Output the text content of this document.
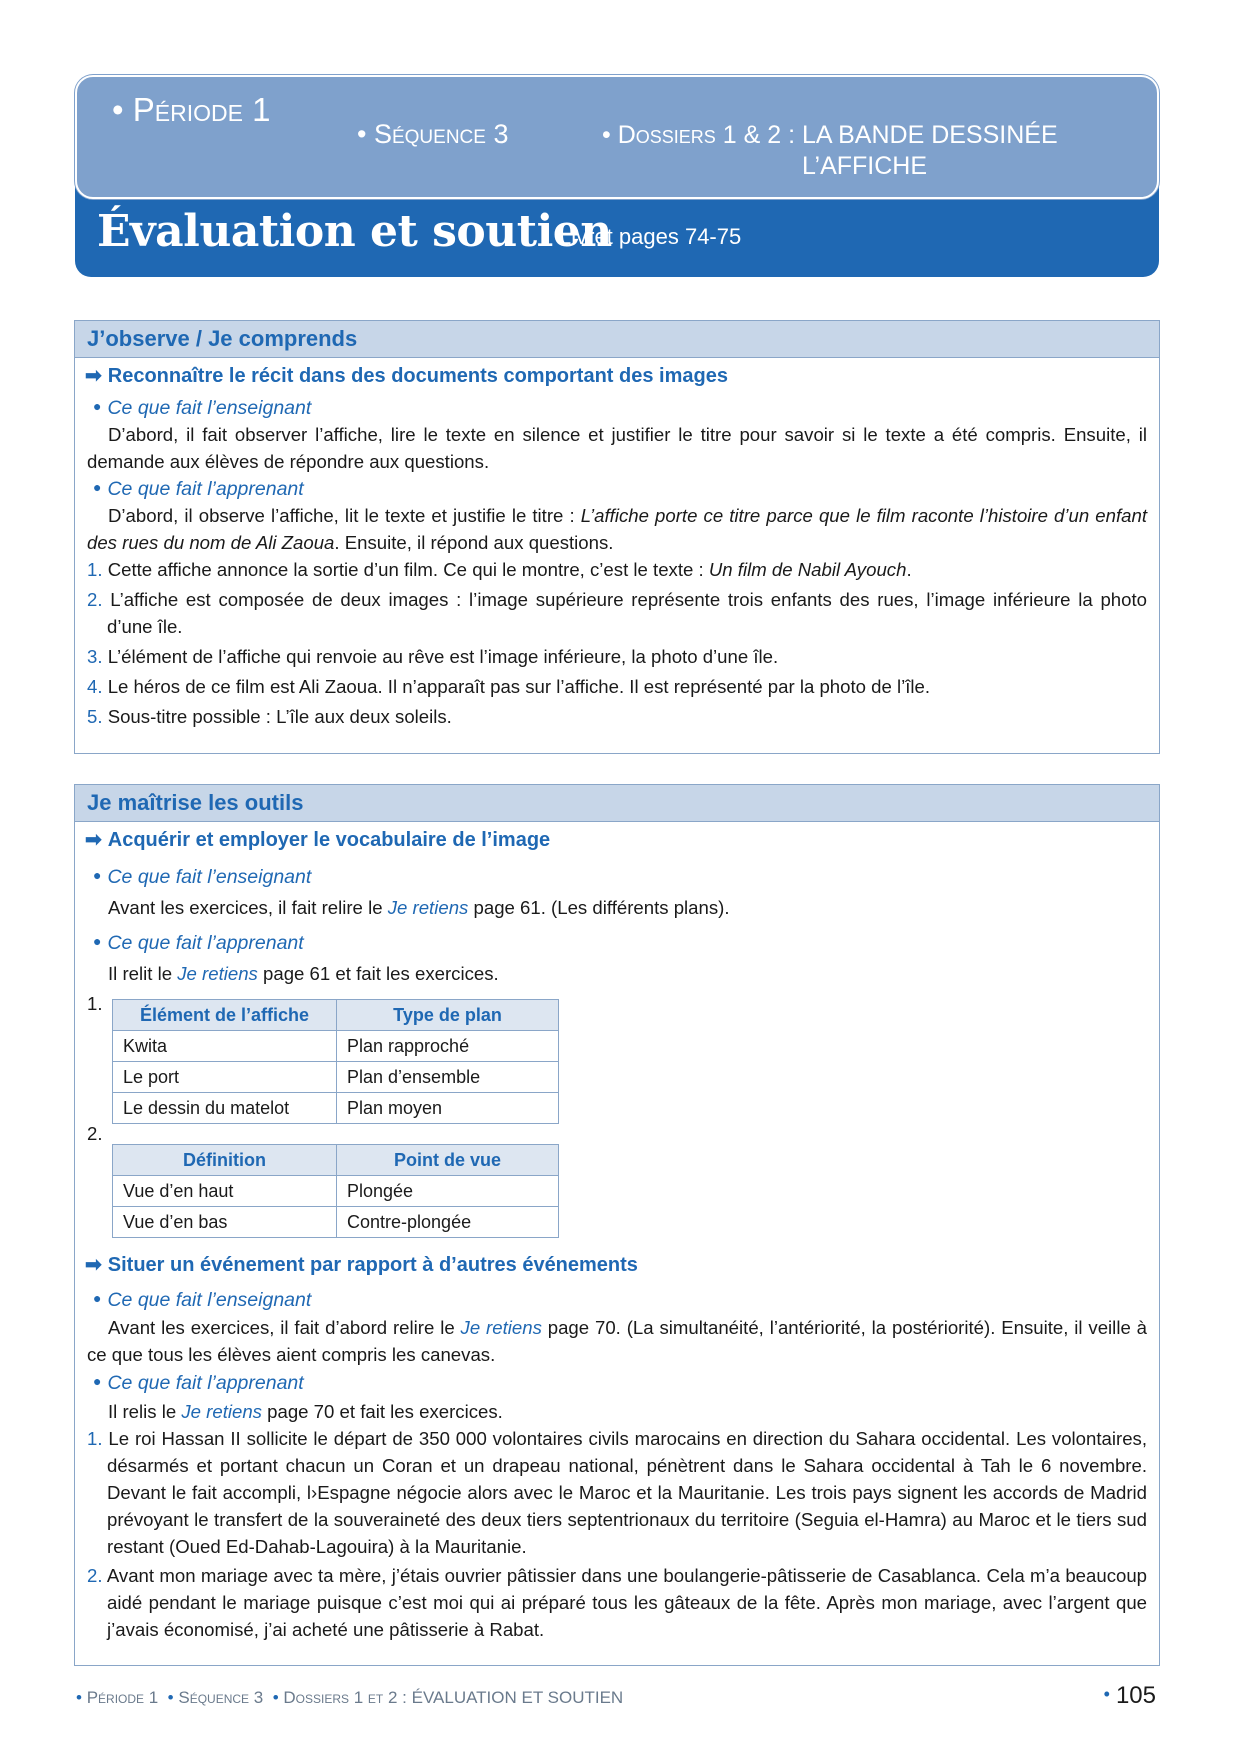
Évaluation et soutien
Livret pages 74-75
• Période 1
• Séquence 3	• Dossiers 1 & 2 : LA BANDE DESSINÉE
L’AFFICHE
J’observe / Je comprends
➡ Reconnaître le récit dans des documents comportant des images
● Ce que fait l’enseignant
D’abord, il fait observer l’affiche, lire le texte en silence et justifier le titre pour savoir si le texte a été compris. Ensuite, il demande aux élèves de répondre aux questions.
● Ce que fait l’apprenant
D’abord, il observe l’affiche, lit le texte et justifie le titre : L’affiche porte ce titre parce que le film raconte l’histoire d’un enfant des rues du nom de Ali Zaoua. Ensuite, il répond aux questions.
1. Cette affiche annonce la sortie d’un film. Ce qui le montre, c’est le texte : Un film de Nabil Ayouch.
2. L’affiche est composée de deux images : l’image supérieure représente trois enfants des rues, l’image inférieure la photo d’une île.
3. L’élément de l’affiche qui renvoie au rêve est l’image inférieure, la photo d’une île.
4. Le héros de ce film est Ali Zaoua. Il n’apparaît pas sur l’affiche. Il est représenté par la photo de l’île.
5. Sous-titre possible : L’île aux deux soleils.
Je maîtrise les outils
➡ Acquérir et employer le vocabulaire de l’image
● Ce que fait l’enseignant
Avant les exercices, il fait relire le Je retiens page 61. (Les différents plans).
● Ce que fait l’apprenant
Il relit le Je retiens page 61 et fait les exercices.
1.
Élément de l’affiche	Type de plan
Kwita	Plan rapproché
Le port	Plan d’ensemble
Le dessin du matelot	Plan moyen
2.
Définition	Point de vue
Vue d’en haut	Plongée
Vue d’en bas	Contre-plongée
➡ Situer un événement par rapport à d’autres événements
● Ce que fait l’enseignant
Avant les exercices, il fait d’abord relire le Je retiens page 70. (La simultanéité, l’antériorité, la postériorité). Ensuite, il veille à ce que tous les élèves aient compris les canevas.
● Ce que fait l’apprenant
Il relis le Je retiens page 70 et fait les exercices.
1. Le roi Hassan II sollicite le départ de 350 000 volontaires civils marocains en direction du Sahara occidental. Les volontaires, désarmés et portant chacun un Coran et un drapeau national, pénètrent dans le Sahara occidental à Tah le 6 novembre. Devant le fait accompli, l›Espagne négocie alors avec le Maroc et la Mauritanie. Les trois pays signent les accords de Madrid prévoyant le transfert de la souveraineté des deux tiers septentrionaux du territoire (Seguia el-Hamra) au Maroc et le tiers sud restant (Oued Ed-Dahab-Lagouira) à la Mauritanie.
2. Avant mon mariage avec ta mère, j’étais ouvrier pâtissier dans une boulangerie-pâtisserie de Casablanca. Cela m’a beaucoup aidé pendant le mariage puisque c’est moi qui ai préparé tous les gâteaux de la fête. Après mon mariage, avec l’argent que j’avais économisé, j’ai acheté une pâtisserie à Rabat.
• Période 1 • Séquence 3 • Dossiers 1 et 2 : ÉVALUATION ET SOUTIEN	• 105
